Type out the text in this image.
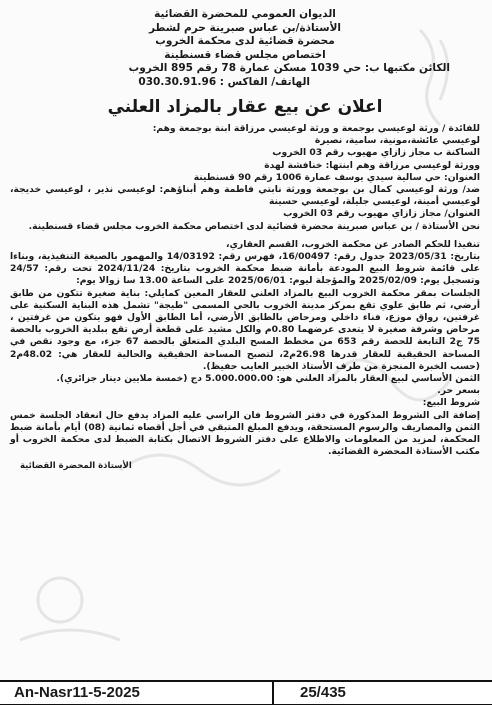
الديوان العمومي للمحضرة القضائية
الأستاذة/بن عباس صبرينة حرم لشطر
محضرة قضائية لدى محكمة الخروب
اختصاص مجلس قضاء قسنطينة
الكائن مكتبها ب: حي 1039 مسكن عمارة 78 رقم 895 الخروب
الهاتف/ الفاكس : 030.30.91.96
اعلان عن بيع عقار بالمزاد العلني

للفائدة / ورثة لوعيسي بوجمعة و ورثة لوعيسي مرزاقة ابنة بوجمعة وهم:

لوعيسي عائشة،مونية، سامية، نصيرة

الساكنة ب مجاز زازاي مهيوب رقم 03 الخروب

وورثة لوعيسي مرزاقة وهم ابنتها: خنافشة لهدة

العنوان: حي سالية سيدي يوسف عمارة 1006 رقم 90 قسنطينة

ضد/ ورثة لوعيسي كمال بن بوجمعة وورثة نابتي فاطمة وهم أبناؤهم: لوعيسي نذير ، لوعيسي خديجة، لوعيسي أمينة، لوعيسي جليلة، لوعيسي حسينة

العنوان/ مجاز زازاي مهيوب رقم 03 الخروب

نحن الأستاذة / بن عباس صبرينة محضرة قضائية لدى اختصاص محكمة الخروب مجلس قضاء قسنطينة.

تنفيذا للحكم الصادر عن محكمة الخروب، القسم العقاري،

بتاريخ: 2023/05/31 جدول رقم: 16/00497، فهرس رقم: 14/03192 والمهمور بالصيغة التنفيذية، وبناءا على قائمة شروط البيع المودعة بأمانة ضبط محكمة الخروب بتاريخ: 2024/11/24 تحت رقم: 24/57 وتسجيل يوم: 2025/02/09 والمؤجلة ليوم: 2025/06/01 على الساعة 13.00 سا زوالا يوم:

الجلسات بمقر محكمة الخروب البيع بالمزاد العلني للعقار المعين كمايلي: بناية صغيرة تتكون من طابق أرضي، ثم طابق علوي تقع بمركز مدينة الخروب بالحي المسمى "طيجة" تشمل هذه البناية السكنية على غرفتين، رواق موزع، فناء داخلي ومرحاض بالطابق الأرضي، أما الطابق الأول فهو يتكون من غرفتين ، مرحاض وشرفة صغيرة لا يتعدى عرضهما 0.80م والكل مشيد على قطعة أرض تقع ببلدية الخروب بالحصة 75 ج2 التابعة للحصة رقم 653 من مخطط المسح البلدي المتعلق بالحصة 67 جزء، مع وجود نقص في المساحة الحقيقية للعقار قدرها 26.98م2، لتصبح المساحة الحقيقية والحالية للعقار هي: 48.02م2 (حسب الخبرة المنجزة من طرف الأستاذ الخبير العايب حفيظ).

الثمن الأساسي لبيع العقار بالمزاد العلني هو: 5.000.000.00 دج (خمسة ملايين دينار جزائري).

بسعر حر.

شروط البيع:

إضافة الى الشروط المذكورة في دفتر الشروط فان الراسي عليه المزاد يدفع حال انعقاد الجلسة خمس الثمن والمصاريف والرسوم المستحقة، ويدفع المبلغ المتبقي في أجل أقصاه ثمانية (08) أيام بأمانة ضبط المحكمة، لمزيد من المعلومات والاطلاع على دفتر الشروط الاتصال بكتابة الضبط لدى محكمة الخروب أو مكتب الأستاذة المحضرة القضائية.

الأستاذة المحضرة القضائية
An-Nasr11-5-2025	25/435
